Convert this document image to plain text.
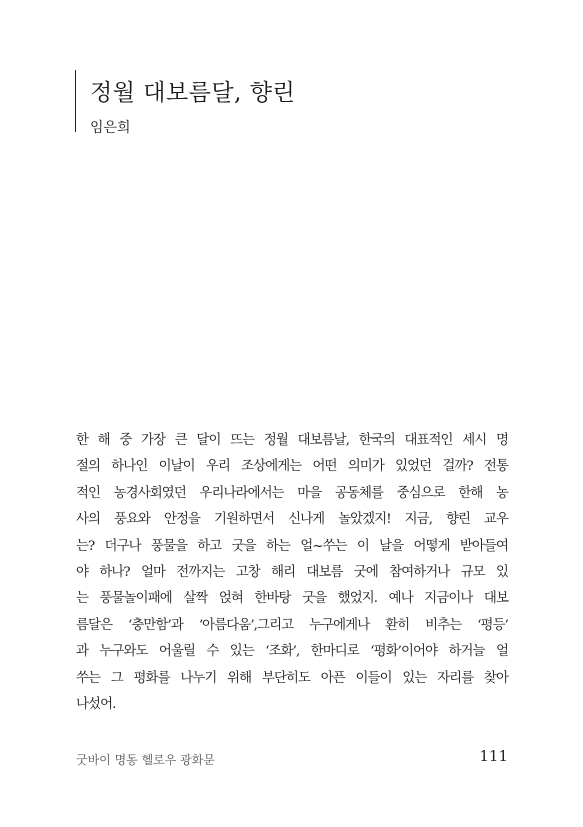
정월 대보름달, 향린
임은희
한 해 중 가장 큰 달이 뜨는 정월 대보름날, 한국의 대표적인 세시 명
절의 하나인 이날이 우리 조상에게는 어떤 의미가 있었던 걸까? 전통
적인 농경사회였던 우리나라에서는 마을 공동체를 중심으로 한해 농
사의 풍요와 안정을 기원하면서 신나게 놀았겠지! 지금, 향린 교우
는? 더구나 풍물을 하고 굿을 하는 얼~쑤는 이 날을 어떻게 받아들여
야 하나? 얼마 전까지는 고창 해리 대보름 굿에 참여하거나 규모 있
는 풍물놀이패에 살짝 얹혀 한바탕 굿을 했었지. 예나 지금이나 대보
름달은 ‘충만함’과 ‘아름다움’,그리고 누구에게나 환히 비추는 ‘평등’
과 누구와도 어울릴 수 있는 ‘조화’, 한마디로 ‘평화’이어야 하거늘 얼
쑤는 그 평화를 나누기 위해 부단히도 아픈 이들이 있는 자리를 찾아
나섰어.
굿바이 명동 헬로우 광화문	111
